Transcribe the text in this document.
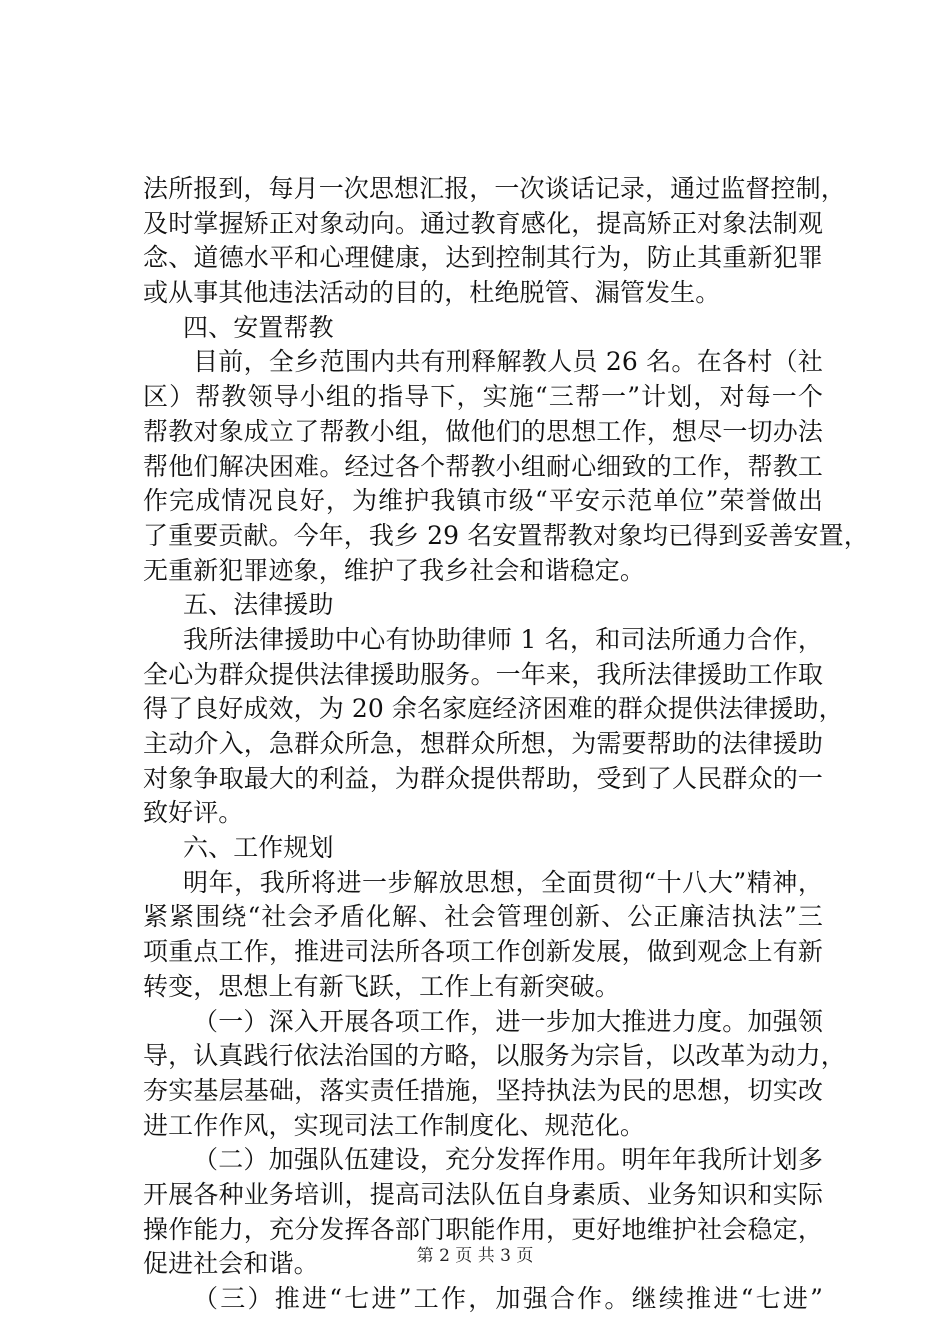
法所报到，每月一次思想汇报，一次谈话记录，通过监督控制，
及时掌握矫正对象动向。通过教育感化，提高矫正对象法制观
念、道德水平和心理健康，达到控制其行为，防止其重新犯罪
或从事其他违法活动的目的，杜绝脱管、漏管发生。
四、安置帮教
目前，全乡范围内共有刑释解教人员 26 名。在各村（社
区）帮教领导小组的指导下，实施“三帮一”计划，对每一个
帮教对象成立了帮教小组，做他们的思想工作，想尽一切办法
帮他们解决困难。经过各个帮教小组耐心细致的工作，帮教工
作完成情况良好，为维护我镇市级“平安示范单位”荣誉做出
了重要贡献。今年，我乡 29 名安置帮教对象均已得到妥善安置，
无重新犯罪迹象，维护了我乡社会和谐稳定。
五、法律援助
我所法律援助中心有协助律师 1 名，和司法所通力合作，
全心为群众提供法律援助服务。一年来，我所法律援助工作取
得了良好成效，为 20 余名家庭经济困难的群众提供法律援助，
主动介入，急群众所急，想群众所想，为需要帮助的法律援助
对象争取最大的利益，为群众提供帮助，受到了人民群众的一
致好评。
六、工作规划
明年，我所将进一步解放思想，全面贯彻“十八大”精神，
紧紧围绕“社会矛盾化解、社会管理创新、公正廉洁执法”三
项重点工作，推进司法所各项工作创新发展，做到观念上有新
转变，思想上有新飞跃，工作上有新突破。
（一）深入开展各项工作，进一步加大推进力度。加强领
导，认真践行依法治国的方略，以服务为宗旨，以改革为动力，
夯实基层基础，落实责任措施，坚持执法为民的思想，切实改
进工作作风，实现司法工作制度化、规范化。
（二）加强队伍建设，充分发挥作用。明年年我所计划多
开展各种业务培训，提高司法队伍自身素质、业务知识和实际
操作能力，充分发挥各部门职能作用，更好地维护社会稳定，
促进社会和谐。
（三）推进“七进”工作，加强合作。继续推进“七进”
第 2 页 共 3 页
